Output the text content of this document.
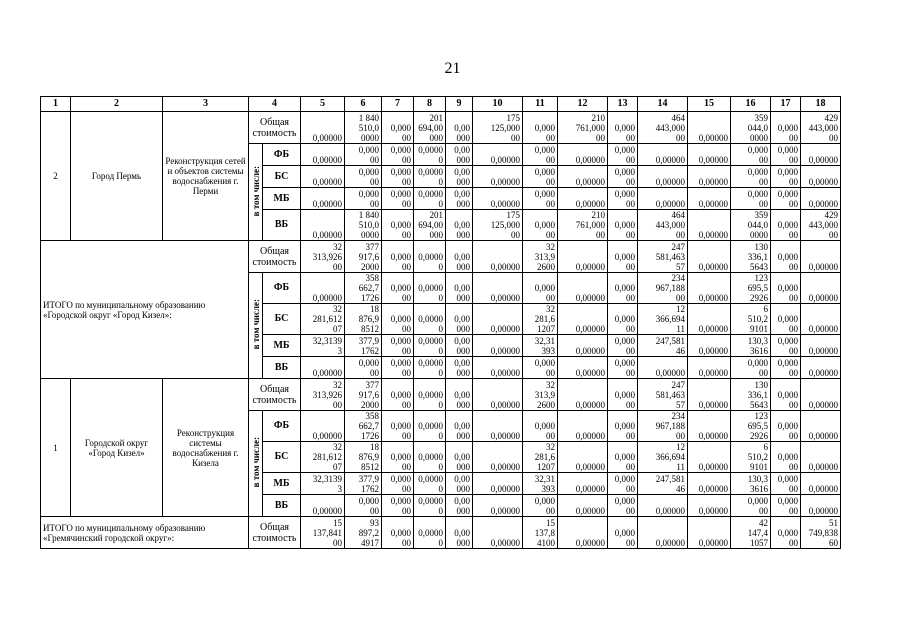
21
1	2	3	4		5	6	7	8	9	10	11	12	13	14	15	16	17	18
2	Город Пермь	Реконструкция сетей и объектов системы водоснабжения г. Перми	Общая стоимость		0,00000	1 840
510,0
0000	0,000
00	201
694,00
000	0,00
000	175
125,000
00	0,000
00	210
761,000
00	0,000
00	464
443,000
00	0,00000	359
044,0
0000	0,000
00	429
443,000
00

			в том числе:	ФБ	0,00000	0,000
00	0,000
00	0,0000
0	0,00
000	0,00000	0,000
00	0,00000	0,000
00	0,00000	0,00000	0,000
00	0,000
00	0,00000

				БС	0,00000	0,000
00	0,000
00	0,0000
0	0,00
000	0,00000	0,000
00	0,00000	0,000
00	0,00000	0,00000	0,000
00	0,000
00	0,00000

				МБ	0,00000	0,000
00	0,000
00	0,0000
0	0,00
000	0,00000	0,000
00	0,00000	0,000
00	0,00000	0,00000	0,000
00	0,000
00	0,00000

				ВБ	0,00000	1 840
510,0
0000	0,000
00	201
694,00
000	0,00
000	175
125,000
00	0,000
00	210
761,000
00	0,000
00	464
443,000
00	0,00000	359
044,0
0000	0,000
00	429
443,000
00

ИТОГО по муниципальному образованию «Городской округ «Город Кизел»:			Общая стоимость		32
313,926
00	377
917,6
2000	0,000
00	0,0000
0	0,00
000	0,00000	32
313,9
2600	0,00000	0,000
00	247
581,463
57	0,00000	130
336,1
5643	0,000
00	0,00000

			в том числе:	ФБ	0,00000	358
662,7
1726	0,000
00	0,0000
0	0,00
000	0,00000	0,000
00	0,00000	0,000
00	234
967,188
00	0,00000	123
695,5
2926	0,000
00	0,00000

				БС	32
281,612
07	18
876,9
8512	0,000
00	0,0000
0	0,00
000	0,00000	32
281,6
1207	0,00000	0,000
00	12
366,694
11	0,00000	6
510,2
9101	0,000
00	0,00000

				МБ	32,3139
3	377,9
1762	0,000
00	0,0000
0	0,00
000	0,00000	32,31
393	0,00000	0,000
00	247,581
46	0,00000	130,3
3616	0,000
00	0,00000

				ВБ	0,00000	0,000
00	0,000
00	0,0000
0	0,00
000	0,00000	0,000
00	0,00000	0,000
00	0,00000	0,00000	0,000
00	0,000
00	0,00000

1	Городской округ «Город Кизел»	Реконструкция системы водоснабжения г. Кизела	Общая стоимость		32
313,926
00	377
917,6
2000	0,000
00	0,0000
0	0,00
000	0,00000	32
313,9
2600	0,00000	0,000
00	247
581,463
57	0,00000	130
336,1
5643	0,000
00	0,00000

			в том числе:	ФБ	0,00000	358
662,7
1726	0,000
00	0,0000
0	0,00
000	0,00000	0,000
00	0,00000	0,000
00	234
967,188
00	0,00000	123
695,5
2926	0,000
00	0,00000

				БС	32
281,612
07	18
876,9
8512	0,000
00	0,0000
0	0,00
000	0,00000	32
281,6
1207	0,00000	0,000
00	12
366,694
11	0,00000	6
510,2
9101	0,000
00	0,00000

				МБ	32,3139
3	377,9
1762	0,000
00	0,0000
0	0,00
000	0,00000	32,31
393	0,00000	0,000
00	247,581
46	0,00000	130,3
3616	0,000
00	0,00000

				ВБ	0,00000	0,000
00	0,000
00	0,0000
0	0,00
000	0,00000	0,000
00	0,00000	0,000
00	0,00000	0,00000	0,000
00	0,000
00	0,00000

ИТОГО по муниципальному образованию «Гремячинский городской округ»:			Общая стоимость		15
137,841
00	93
897,2
4917	0,000
00	0,0000
0	0,00
000	0,00000	15
137,8
4100	0,00000	0,000
00	0,00000	0,00000	42
147,4
1057	0,000
00	51
749,838
60
